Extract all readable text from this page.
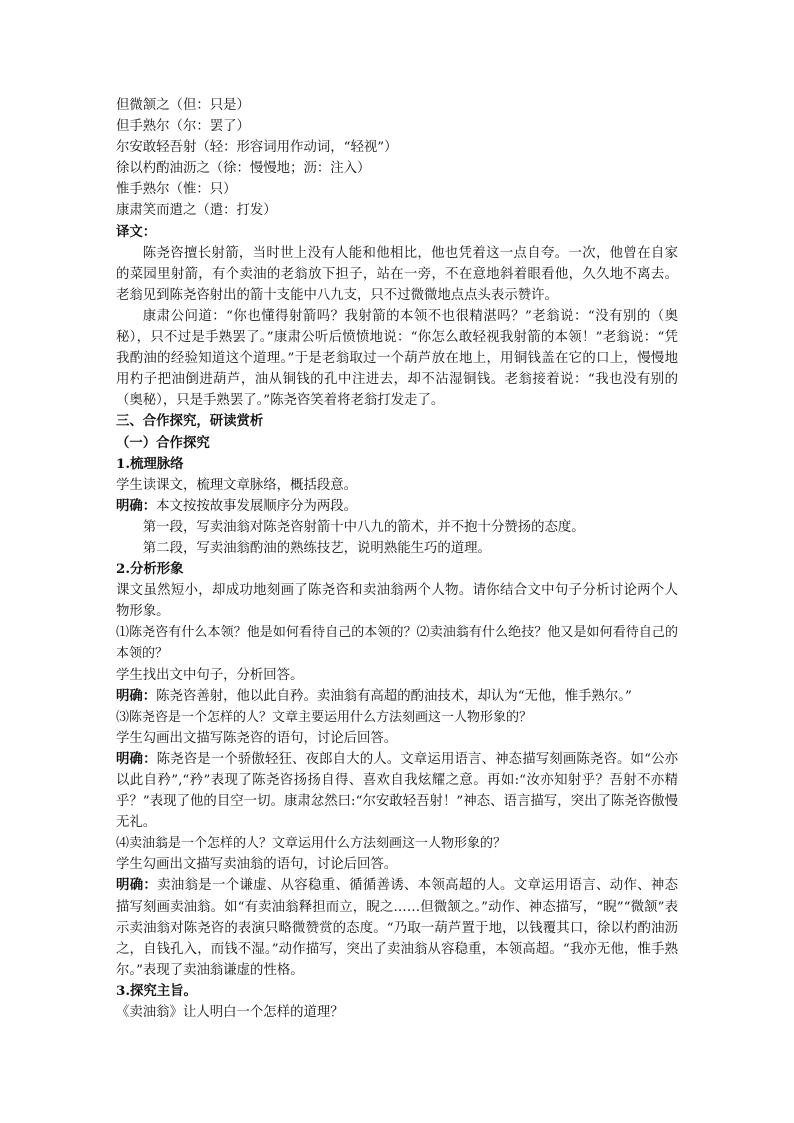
但微颔之（但：只是）
但手熟尔（尔：罢了）
尔安敢轻吾射（轻：形容词用作动词，“轻视”）
徐以杓酌油沥之（徐：慢慢地；沥：注入）
惟手熟尔（惟：只）
康肃笑而遣之（遣：打发）
译文：
陈尧咨擅长射箭，当时世上没有人能和他相比，他也凭着这一点自夸。一次，他曾在自家的菜园里射箭，有个卖油的老翁放下担子，站在一旁，不在意地斜着眼看他，久久地不离去。老翁见到陈尧咨射出的箭十支能中八九支，只不过微微地点点头表示赞许。
康肃公问道：“你也懂得射箭吗？我射箭的本领不也很精湛吗？”老翁说：“没有别的（奥秘），只不过是手熟罢了。”康肃公听后愤愤地说：“你怎么敢轻视我射箭的本领！”老翁说：“凭我酌油的经验知道这个道理。”于是老翁取过一个葫芦放在地上，用铜钱盖在它的口上，慢慢地用杓子把油倒进葫芦，油从铜钱的孔中注进去，却不沾湿铜钱。老翁接着说：“我也没有别的（奥秘），只是手熟罢了。”陈尧咨笑着将老翁打发走了。
三、合作探究，研读赏析
（一）合作探究
1.梳理脉络
学生读课文，梳理文章脉络，概括段意。
明确：本文按按故事发展顺序分为两段。
第一段，写卖油翁对陈尧咨射箭十中八九的箭术，并不抱十分赞扬的态度。
第二段，写卖油翁酌油的熟练技艺，说明熟能生巧的道理。
2.分析形象
课文虽然短小，却成功地刻画了陈尧咨和卖油翁两个人物。请你结合文中句子分析讨论两个人物形象。
⑴陈尧咨有什么本领？他是如何看待自己的本领的？⑵卖油翁有什么绝技？他又是如何看待自己的本领的？
学生找出文中句子，分析回答。
明确：陈尧咨善射，他以此自矜。卖油翁有高超的酌油技术，却认为“无他，惟手熟尔。”
⑶陈尧咨是一个怎样的人？文章主要运用什么方法刻画这一人物形象的？
学生勾画出文描写陈尧咨的语句，讨论后回答。
明确：陈尧咨是一个骄傲轻狂、夜郎自大的人。文章运用语言、神态描写刻画陈尧咨。如“公亦以此自矜”,“矜”表现了陈尧咨扬扬自得、喜欢自我炫耀之意。再如:“汝亦知射乎？吾射不亦精乎？”表现了他的目空一切。康肃忿然曰:“尔安敢轻吾射！”神态、语言描写，突出了陈尧咨傲慢无礼。
⑷卖油翁是一个怎样的人？文章运用什么方法刻画这一人物形象的？
学生勾画出文描写卖油翁的语句，讨论后回答。
明确：卖油翁是一个谦虚、从容稳重、循循善诱、本领高超的人。文章运用语言、动作、神态描写刻画卖油翁。如“有卖油翁释担而立，睨之……但微颔之。”动作、神态描写，“睨”“微颔”表示卖油翁对陈尧咨的表演只略微赞赏的态度。“乃取一葫芦置于地，以钱覆其口，徐以杓酌油沥之，自钱孔入，而钱不湿。”动作描写，突出了卖油翁从容稳重，本领高超。“我亦无他，惟手熟尔。”表现了卖油翁谦虚的性格。
3.探究主旨。
《卖油翁》让人明白一个怎样的道理？
